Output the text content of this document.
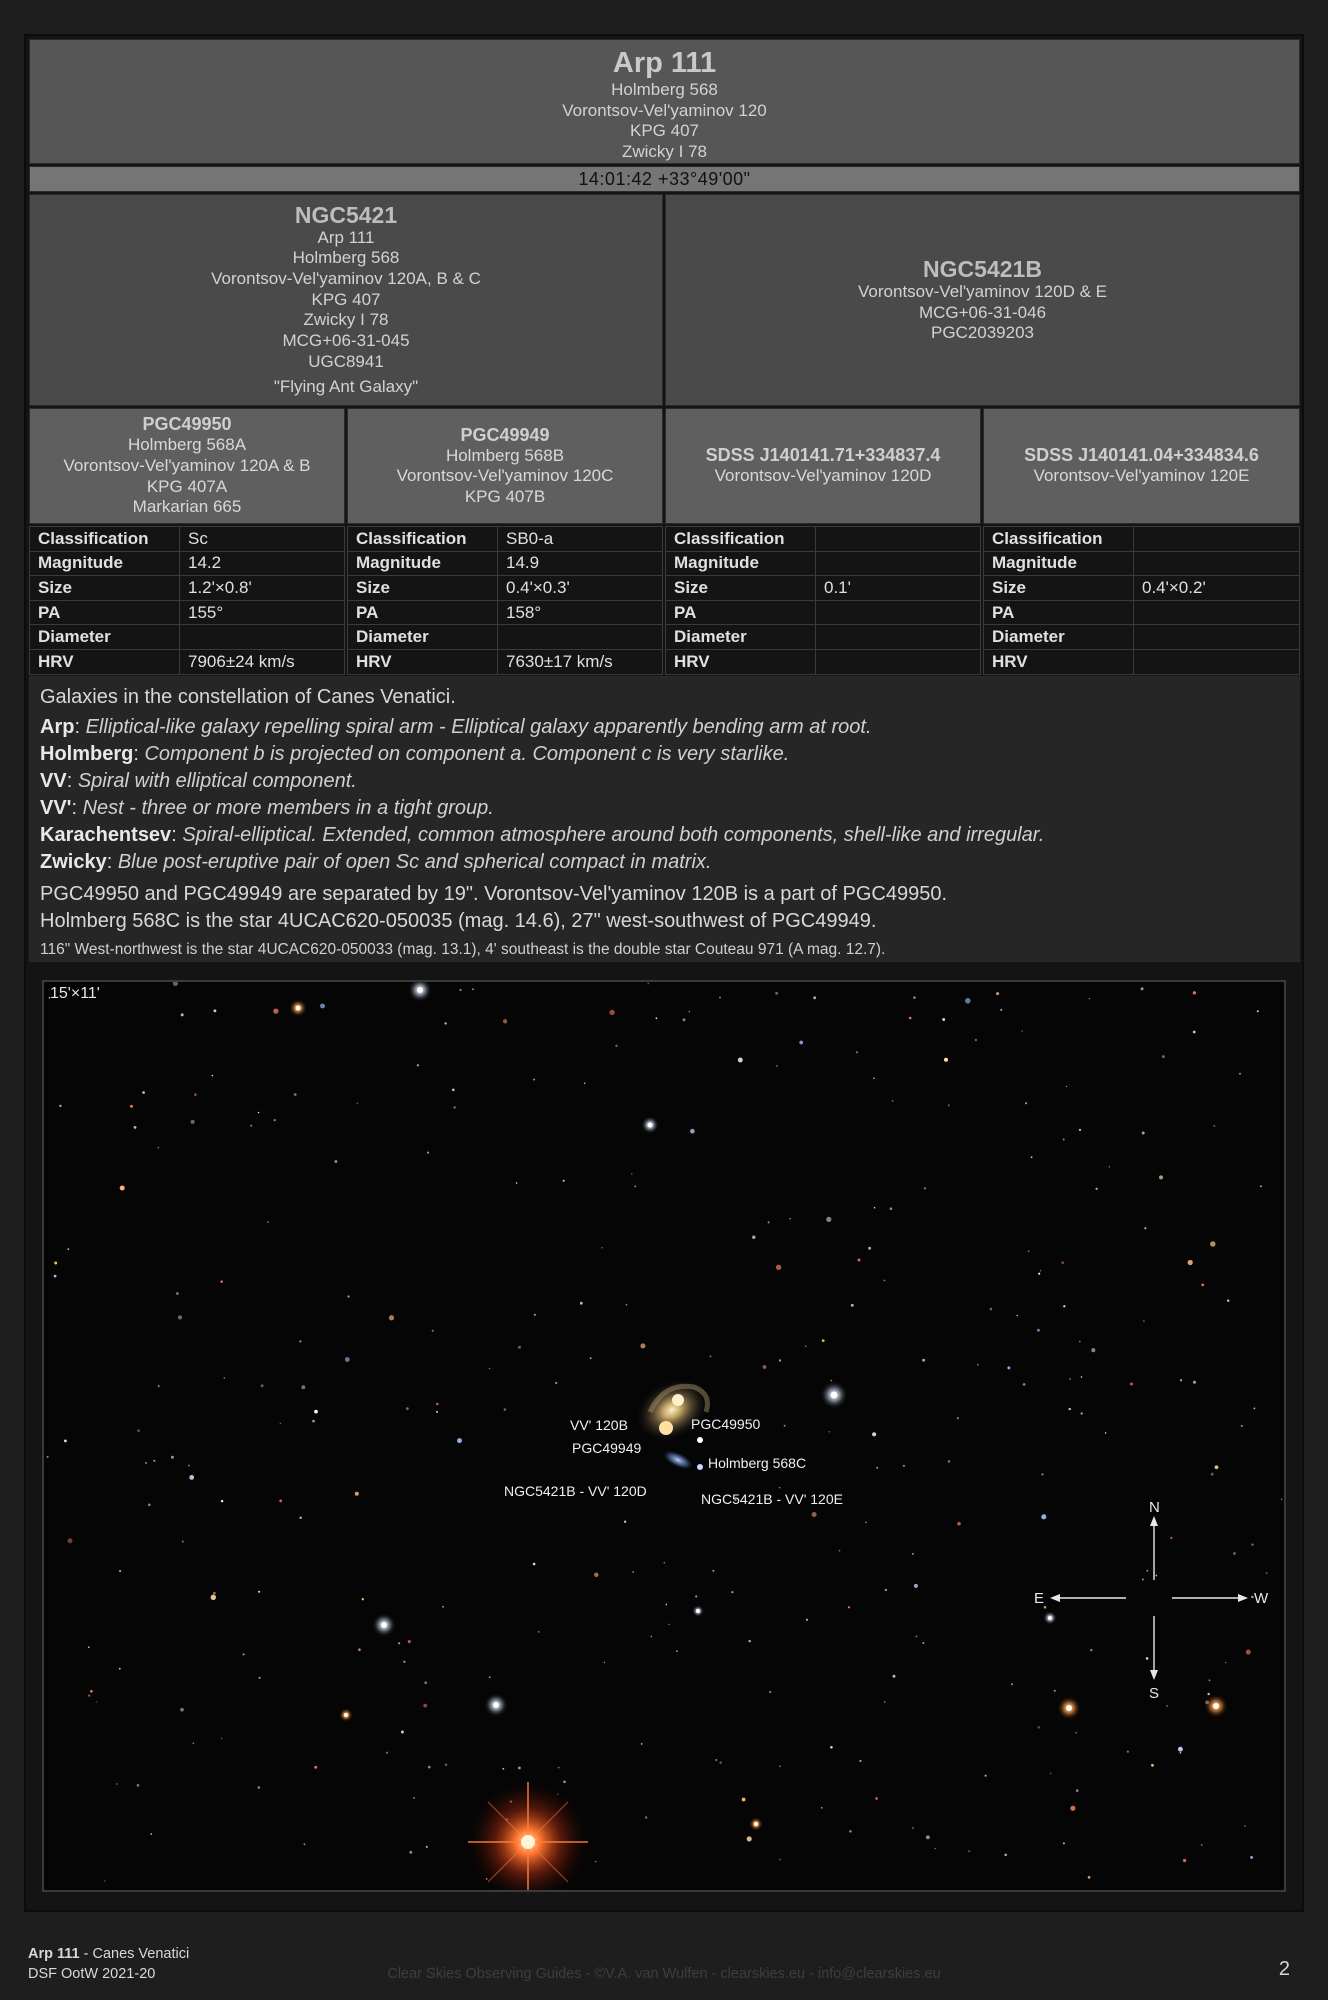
Arp 111
Holmberg 568
Vorontsov-Vel'yaminov 120
KPG 407
Zwicky I 78
14:01:42 +33°49'00"
NGC5421
Arp 111
Holmberg 568
Vorontsov-Vel'yaminov 120A, B & C
KPG 407
Zwicky I 78
MCG+06-31-045
UGC8941
"Flying Ant Galaxy"
NGC5421B
Vorontsov-Vel'yaminov 120D & E
MCG+06-31-046
PGC2039203
PGC49950
Holmberg 568A
Vorontsov-Vel'yaminov 120A & B
KPG 407A
Markarian 665
PGC49949
Holmberg 568B
Vorontsov-Vel'yaminov 120C
KPG 407B
SDSS J140141.71+334837.4
Vorontsov-Vel'yaminov 120D
SDSS J140141.04+334834.6
Vorontsov-Vel'yaminov 120E
Classification	Sc
Magnitude	14.2
Size	1.2'×0.8'
PA	155°
Diameter	
HRV	7906±24 km/s
Classification	SB0-a
Magnitude	14.9
Size	0.4'×0.3'
PA	158°
Diameter	
HRV	7630±17 km/s
Classification	
Magnitude	
Size	0.1'
PA	
Diameter	
HRV	
Classification	
Magnitude	
Size	0.4'×0.2'
PA	
Diameter	
HRV	
Galaxies in the constellation of Canes Venatici.
Arp: Elliptical-like galaxy repelling spiral arm - Elliptical galaxy apparently bending arm at root.
Holmberg: Component b is projected on component a. Component c is very starlike.
VV: Spiral with elliptical component.
VV': Nest - three or more members in a tight group.
Karachentsev: Spiral-elliptical. Extended, common atmosphere around both components, shell-like and irregular.
Zwicky: Blue post-eruptive pair of open Sc and spherical compact in matrix.
PGC49950 and PGC49949 are separated by 19". Vorontsov-Vel'yaminov 120B is a part of PGC49950.
Holmberg 568C is the star 4UCAC620-050035 (mag. 14.6), 27" west-southwest of PGC49949.
116" West-northwest is the star 4UCAC620-050033 (mag. 13.1), 4' southeast is the double star Couteau 971 (A mag. 12.7).
15'×11'
VV' 120B	PGC49950
PGC49949
Holmberg 568C
NGC5421B - VV' 120D	NGC5421B - VV' 120E	N
S
E	W
Arp 111 - Canes Venatici
DSF OotW 2021-20	Clear Skies Observing Guides - ©V.A. van Wulfen - clearskies.eu - info@clearskies.eu	2
